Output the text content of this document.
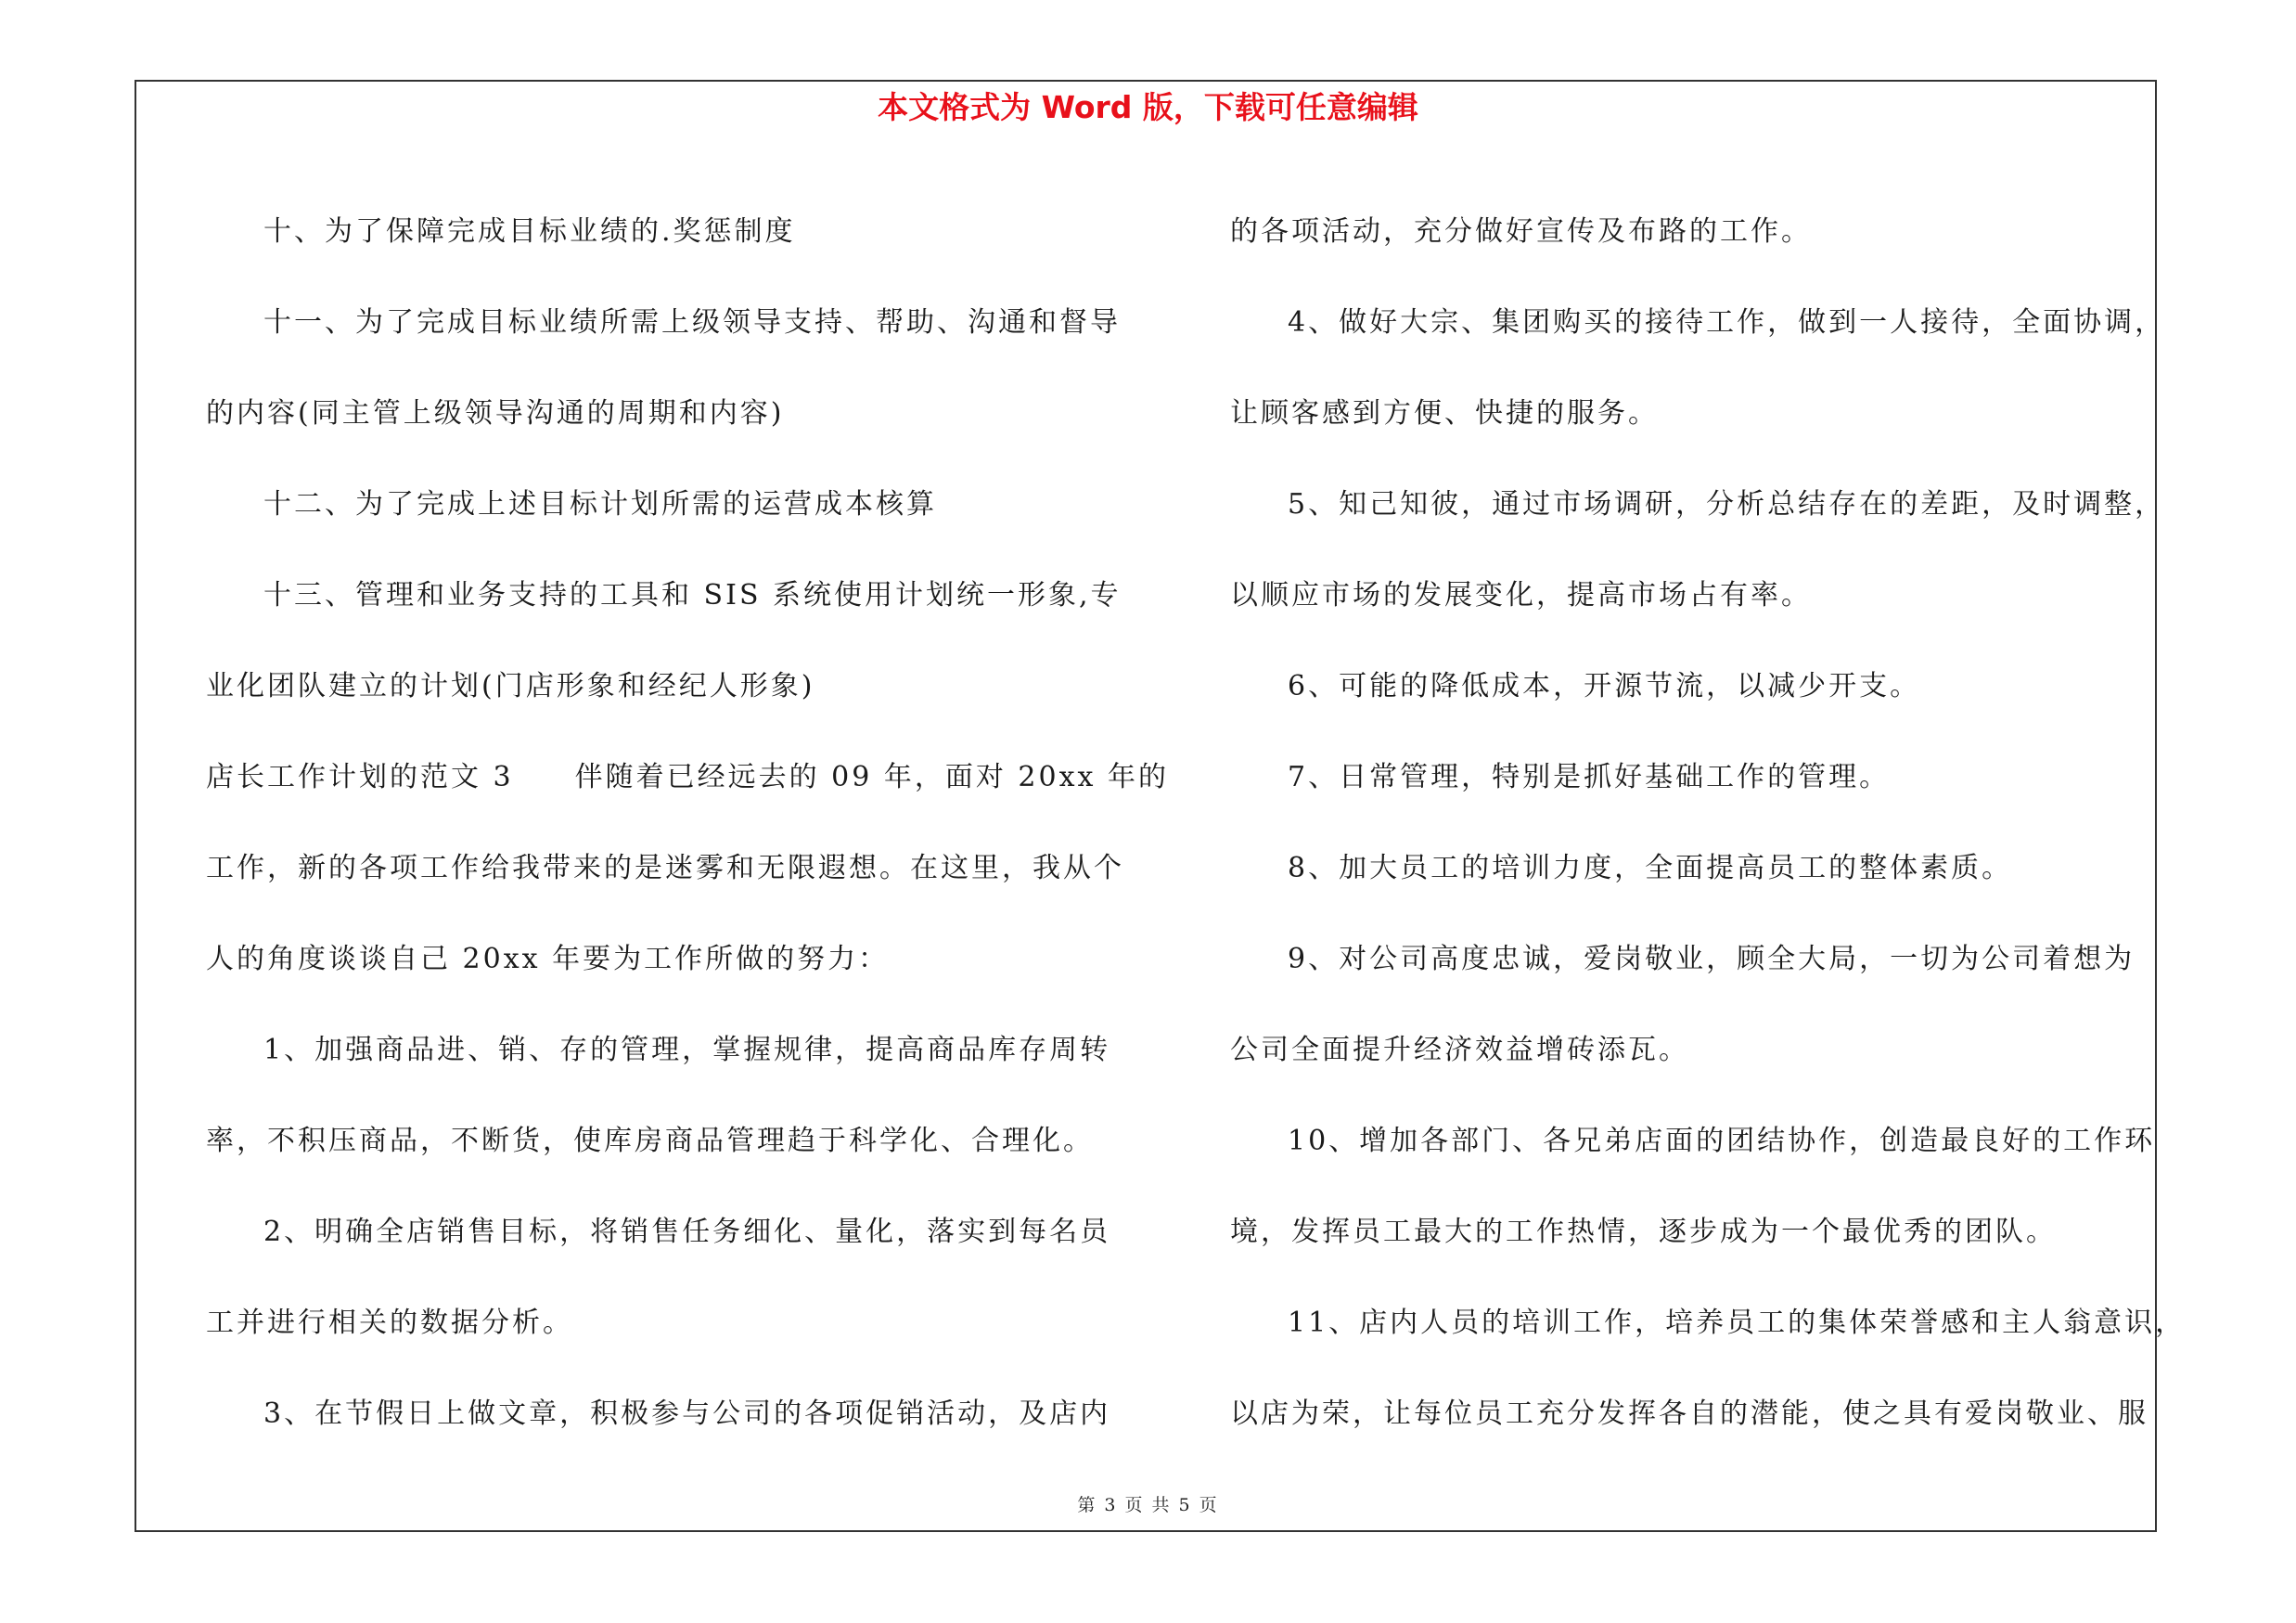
本文格式为 Word 版，下载可任意编辑
十、为了保障完成目标业绩的.奖惩制度
十一、为了完成目标业绩所需上级领导支持、帮助、沟通和督导
的内容(同主管上级领导沟通的周期和内容)
十二、为了完成上述目标计划所需的运营成本核算
十三、管理和业务支持的工具和 SIS 系统使用计划统一形象,专
业化团队建立的计划(门店形象和经纪人形象)
店长工作计划的范文 3　　伴随着已经远去的 09 年，面对 20xx 年的
工作，新的各项工作给我带来的是迷雾和无限遐想。在这里，我从个
人的角度谈谈自己 20xx 年要为工作所做的努力：
1、加强商品进、销、存的管理，掌握规律，提高商品库存周转
率，不积压商品，不断货，使库房商品管理趋于科学化、合理化。
2、明确全店销售目标，将销售任务细化、量化，落实到每名员
工并进行相关的数据分析。
3、在节假日上做文章，积极参与公司的各项促销活动，及店内
的各项活动，充分做好宣传及布路的工作。
4、做好大宗、集团购买的接待工作，做到一人接待，全面协调，
让顾客感到方便、快捷的服务。
5、知己知彼，通过市场调研，分析总结存在的差距，及时调整，
以顺应市场的发展变化，提高市场占有率。
6、可能的降低成本，开源节流，以减少开支。
7、日常管理，特别是抓好基础工作的管理。
8、加大员工的培训力度，全面提高员工的整体素质。
9、对公司高度忠诚，爱岗敬业，顾全大局，一切为公司着想为
公司全面提升经济效益增砖添瓦。
10、增加各部门、各兄弟店面的团结协作，创造最良好的工作环
境，发挥员工最大的工作热情，逐步成为一个最优秀的团队。
11、店内人员的培训工作，培养员工的集体荣誉感和主人翁意识，
以店为荣，让每位员工充分发挥各自的潜能，使之具有爱岗敬业、服
第 3 页 共 5 页
